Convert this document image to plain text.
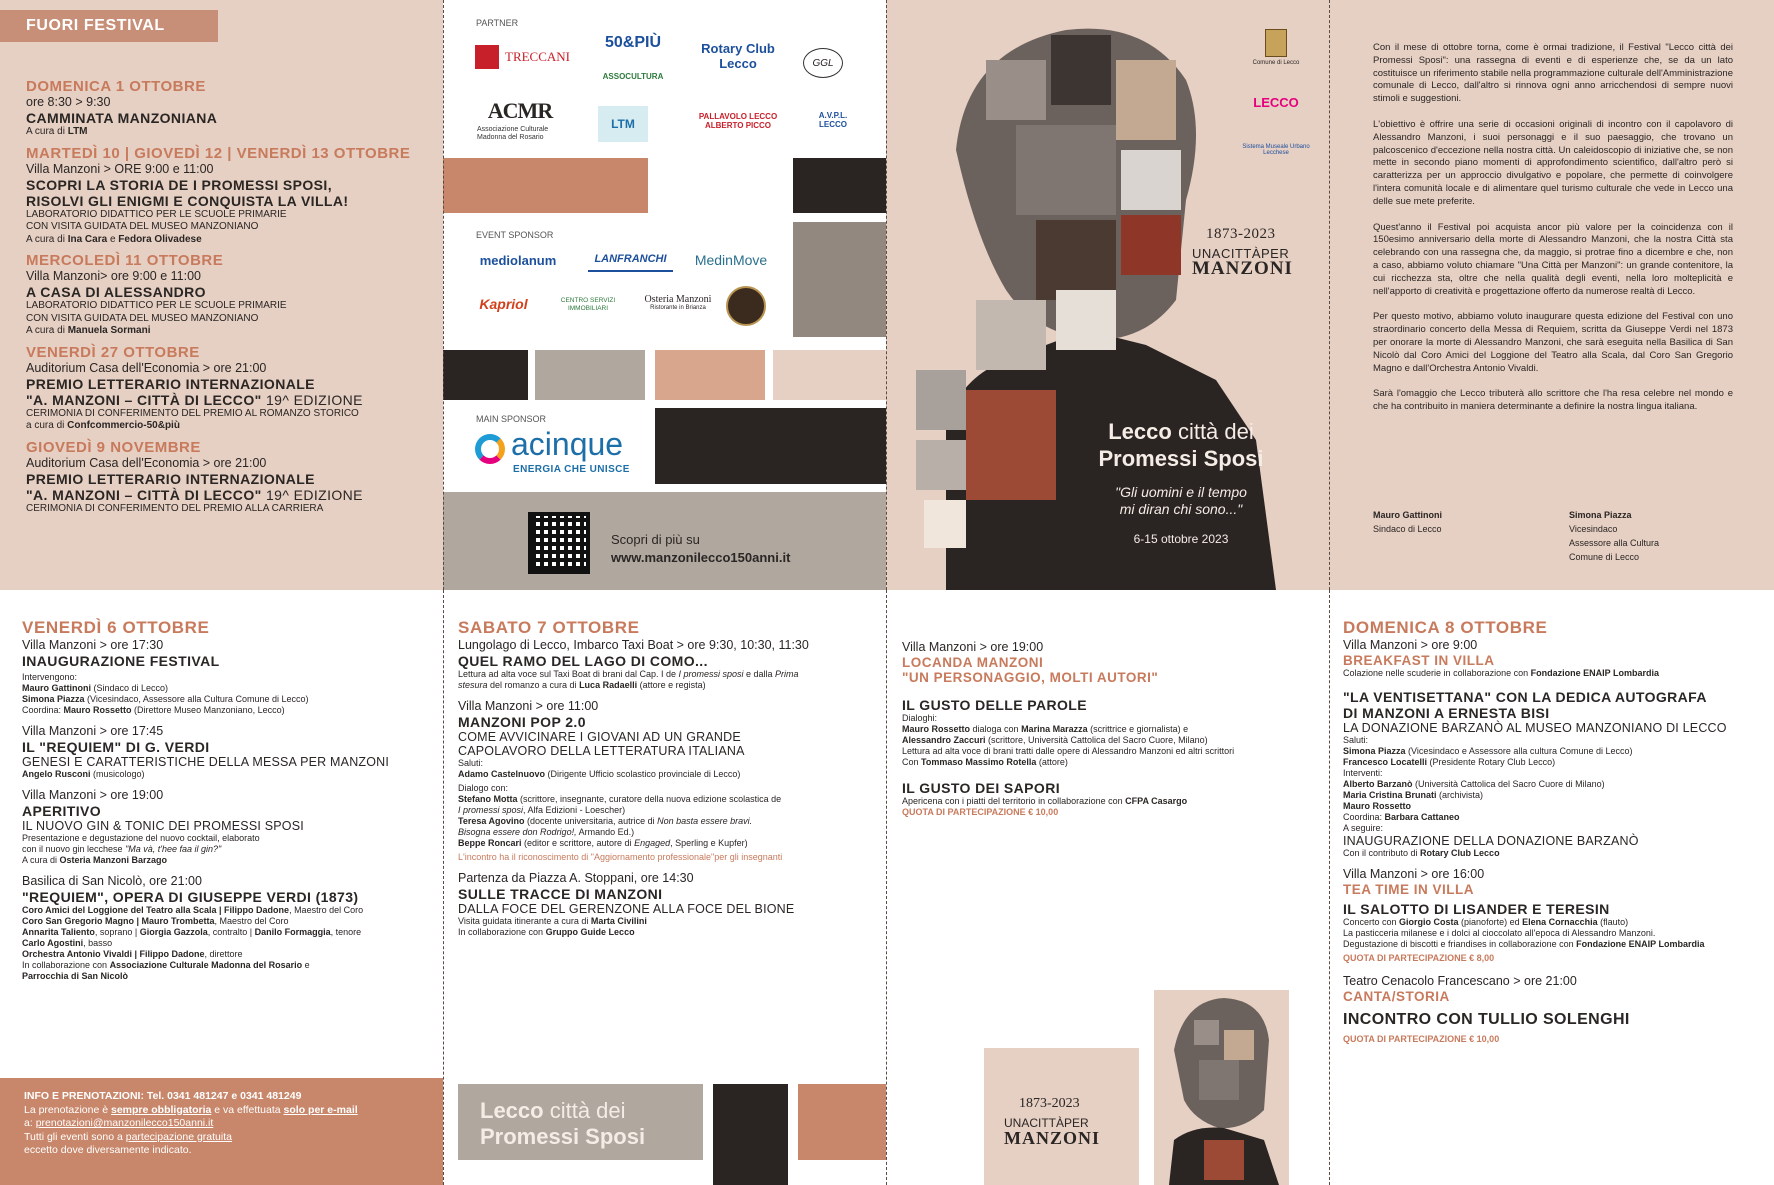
FUORI FESTIVAL
DOMENICA 1 OTTOBRE
ore 8:30 > 9:30
CAMMINATA MANZONIANA
A cura di LTM
MARTEDÌ 10 | GIOVEDÌ 12 | VENERDÌ 13 OTTOBRE
Villa Manzoni > ORE 9:00 e 11:00
SCOPRI LA STORIA DE I PROMESSI SPOSI,
RISOLVI GLI ENIGMI E CONQUISTA LA VILLA!
LABORATORIO DIDATTICO PER LE SCUOLE PRIMARIE
CON VISITA GUIDATA DEL MUSEO MANZONIANO
A cura di Ina Cara e Fedora Olivadese
MERCOLEDÌ 11 OTTOBRE
Villa Manzoni> ore 9:00 e 11:00
A CASA DI ALESSANDRO
LABORATORIO DIDATTICO PER LE SCUOLE PRIMARIE
CON VISITA GUIDATA DEL MUSEO MANZONIANO
A cura di Manuela Sormani
VENERDÌ 27 OTTOBRE
Auditorium Casa dell'Economia > ore 21:00
PREMIO LETTERARIO INTERNAZIONALE
"A. MANZONI – CITTÀ DI LECCO" 19^ EDIZIONE
CERIMONIA DI CONFERIMENTO DEL PREMIO AL ROMANZO STORICO
a cura di Confcommercio-50&più
GIOVEDÌ 9 NOVEMBRE
Auditorium Casa dell'Economia > ore 21:00
PREMIO LETTERARIO INTERNAZIONALE
"A. MANZONI – CITTÀ DI LECCO" 19^ EDIZIONE
CERIMONIA DI CONFERIMENTO DEL PREMIO ALLA CARRIERA
PARTNER
TRECCANI
50&PIÙ
ASSOCULTURA
Rotary Club Lecco	GGL
ACMR
Associazione Culturale Madonna del Rosario
LTM
PALLAVOLO LECCO ALBERTO PICCO
A.V.P.L. LECCO
EVENT SPONSOR
mediolanum	LANFRANCHI	MedinMove
Kapriol	CENTRO SERVIZI IMMOBILIARI
Osteria Manzoni
Ristorante in Brianza
MAIN SPONSOR
acinque
ENERGIA CHE UNISCE
Scopri di più su
www.manzonilecco150anni.it
Comune di Lecco
LECCO
Sistema Museale Urbano Lecchese
1873-2023
UNACITTÀPER
MANZONI
Lecco città dei
Promessi Sposi
"Gli uomini e il tempo
mi diran chi sono..."
6-15 ottobre 2023

Con il mese di ottobre torna, come è ormai tradizione, il Festival "Lecco città dei Promessi Sposi": una rassegna di eventi e di esperienze che, se da un lato costituisce un riferimento stabile nella programmazione culturale dell'Amministrazione comunale di Lecco, dall'altro si rinnova ogni anno arricchendosi di sempre nuovi stimoli e suggestioni.

L'obiettivo è offrire una serie di occasioni originali di incontro con il capolavoro di Alessandro Manzoni, i suoi personaggi e il suo paesaggio, che trovano un palcoscenico d'eccezione nella nostra città. Un caleidoscopio di iniziative che, se non mette in secondo piano momenti di approfondimento scientifico, dall'altro però si caratterizza per un approccio divulgativo e popolare, che permette di coinvolgere l'intera comunità locale e di alimentare quel turismo culturale che vede in Lecco una delle sue mete preferite.

Quest'anno il Festival poi acquista ancor più valore per la coincidenza con il 150esimo anniversario della morte di Alessandro Manzoni, che la nostra Città sta celebrando con una rassegna che, da maggio, si protrae fino a dicembre e che, non a caso, abbiamo voluto chiamare "Una Città per Manzoni": un grande contenitore, la cui ricchezza sta, oltre che nella qualità degli eventi, nella loro molteplicità e nell'apporto di creatività e progettazione offerto da numerose realtà di Lecco.

Per questo motivo, abbiamo voluto inaugurare questa edizione del Festival con uno straordinario concerto della Messa di Requiem, scritta da Giuseppe Verdi nel 1873 per onorare la morte di Alessandro Manzoni, che sarà eseguita nella Basilica di San Nicolò dal Coro Amici del Loggione del Teatro alla Scala, dal Coro San Gregorio Magno e dall'Orchestra Antonio Vivaldi.

Sarà l'omaggio che Lecco tributerà allo scrittore che l'ha resa celebre nel mondo e che ha contribuito in maniera determinante a definire la nostra lingua italiana.

Mauro Gattinoni
Sindaco di Lecco
Simona Piazza
Vicesindaco
Assessore alla Cultura
Comune di Lecco
VENERDÌ 6 OTTOBRE
Villa Manzoni > ore 17:30
INAUGURAZIONE FESTIVAL
Intervengono:
Mauro Gattinoni (Sindaco di Lecco)
Simona Piazza (Vicesindaco, Assessore alla Cultura Comune di Lecco)
Coordina: Mauro Rossetto (Direttore Museo Manzoniano, Lecco)
Villa Manzoni > ore 17:45
IL "REQUIEM" DI G. VERDI
GENESI E CARATTERISTICHE DELLA MESSA PER MANZONI
Angelo Rusconi (musicologo)
Villa Manzoni > ore 19:00
APERITIVO
IL NUOVO GIN & TONIC DEI PROMESSI SPOSI
Presentazione e degustazione del nuovo cocktail, elaborato
con il nuovo gin lecchese "Ma và, t'hee faa il gin?"
A cura di Osteria Manzoni Barzago
Basilica di San Nicolò, ore 21:00
"REQUIEM", OPERA DI GIUSEPPE VERDI (1873)
Coro Amici del Loggione del Teatro alla Scala | Filippo Dadone, Maestro del Coro
Coro San Gregorio Magno | Mauro Trombetta, Maestro del Coro
Annarita Taliento, soprano | Giorgia Gazzola, contralto | Danilo Formaggia, tenore
Carlo Agostini, basso
Orchestra Antonio Vivaldi | Filippo Dadone, direttore
In collaborazione con Associazione Culturale Madonna del Rosario e
Parrocchia di San Nicolò
INFO E PRENOTAZIONI: Tel. 0341 481247 e 0341 481249
La prenotazione è sempre obbligatoria e va effettuata solo per e-mail
a: prenotazioni@manzonilecco150anni.it
Tutti gli eventi sono a partecipazione gratuita
eccetto dove diversamente indicato.
SABATO 7 OTTOBRE
Lungolago di Lecco, Imbarco Taxi Boat > ore 9:30, 10:30, 11:30
QUEL RAMO DEL LAGO DI COMO...
Lettura ad alta voce sul Taxi Boat di brani dal Cap. I de I promessi sposi e dalla Prima
stesura del romanzo a cura di Luca Radaelli (attore e regista)
Villa Manzoni > ore 11:00
MANZONI POP 2.0
COME AVVICINARE I GIOVANI AD UN GRANDE
CAPOLAVORO DELLA LETTERATURA ITALIANA
Saluti:
Adamo Castelnuovo (Dirigente Ufficio scolastico provinciale di Lecco)
Dialogo con:
Stefano Motta (scrittore, insegnante, curatore della nuova edizione scolastica de
I promessi sposi, Alfa Edizioni - Loescher)
Teresa Agovino (docente universitaria, autrice di Non basta essere bravi.
Bisogna essere don Rodrigo!, Armando Ed.)
Beppe Roncari (editor e scrittore, autore di Engaged, Sperling e Kupfer)
L'incontro ha il riconoscimento di "Aggiornamento professionale"per gli insegnanti
Partenza da Piazza A. Stoppani, ore 14:30
SULLE TRACCE DI MANZONI
DALLA FOCE DEL GERENZONE ALLA FOCE DEL BIONE
Visita guidata itinerante a cura di Marta Civilini
In collaborazione con Gruppo Guide Lecco
Lecco città dei
Promessi Sposi
Villa Manzoni > ore 19:00
LOCANDA MANZONI
"UN PERSONAGGIO, MOLTI AUTORI"
IL GUSTO DELLE PAROLE
Dialoghi:
Mauro Rossetto dialoga con Marina Marazza (scrittrice e giornalista) e
Alessandro Zaccuri (scrittore, Università Cattolica del Sacro Cuore, Milano)
Lettura ad alta voce di brani tratti dalle opere di Alessandro Manzoni ed altri scrittori
Con Tommaso Massimo Rotella (attore)
IL GUSTO DEI SAPORI
Apericena con i piatti del territorio in collaborazione con CFPA Casargo
QUOTA DI PARTECIPAZIONE € 10,00
1873-2023
UNACITTÀPER
MANZONI
DOMENICA 8 OTTOBRE
Villa Manzoni > ore 9:00
BREAKFAST IN VILLA
Colazione nelle scuderie in collaborazione con Fondazione ENAIP Lombardia
"LA VENTISETTANA" CON LA DEDICA AUTOGRAFA
DI MANZONI A ERNESTA BISI
LA DONAZIONE BARZANÒ AL MUSEO MANZONIANO DI LECCO
Saluti:
Simona Piazza (Vicesindaco e Assessore alla cultura Comune di Lecco)
Francesco Locatelli (Presidente Rotary Club Lecco)
Interventi:
Alberto Barzanò (Università Cattolica del Sacro Cuore di Milano)
Maria Cristina Brunati (archivista)
Mauro Rossetto
Coordina: Barbara Cattaneo
A seguire:
INAUGURAZIONE DELLA DONAZIONE BARZANÒ
Con il contributo di Rotary Club Lecco
Villa Manzoni > ore 16:00
TEA TIME IN VILLA
IL SALOTTO DI LISANDER E TERESIN
Concerto con Giorgio Costa (pianoforte) ed Elena Cornacchia (flauto)
La pasticceria milanese e i dolci al cioccolato all'epoca di Alessandro Manzoni.
Degustazione di biscotti e friandises in collaborazione con Fondazione ENAIP Lombardia
QUOTA DI PARTECIPAZIONE € 8,00
Teatro Cenacolo Francescano > ore 21:00
CANTA/STORIA
INCONTRO CON TULLIO SOLENGHI
QUOTA DI PARTECIPAZIONE € 10,00
